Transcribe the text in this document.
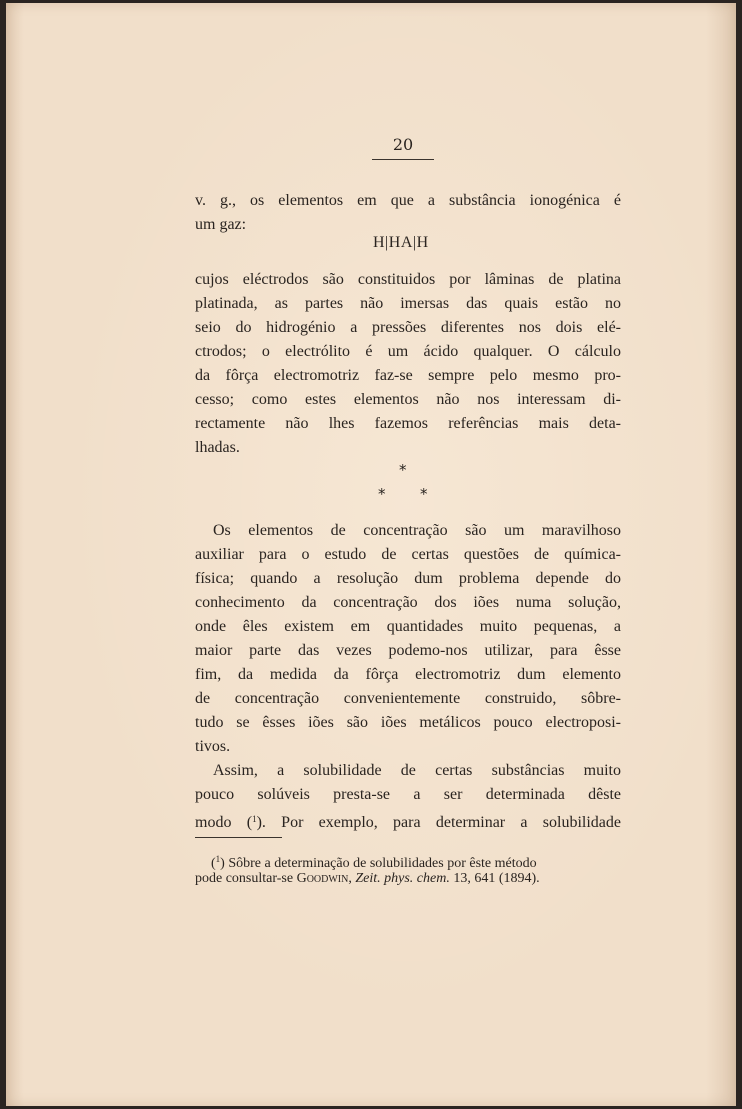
20
v. g., os elementos em que a substância ionogénica é
um gaz:
H|HA|H
cujos eléctrodos são constituidos por lâminas de platina
platinada, as partes não imersas das quais estão no
seio do hidrogénio a pressões diferentes nos dois elé-
ctrodos; o electrólito é um ácido qualquer. O cálculo
da fôrça electromotriz faz-se sempre pelo mesmo pro-
cesso; como estes elementos não nos interessam di-
rectamente não lhes fazemos referências mais deta-
lhadas.
*
* *
Os elementos de concentração são um maravilhoso
auxiliar para o estudo de certas questões de química-
física; quando a resolução dum problema depende do
conhecimento da concentração dos iões numa solução,
onde êles existem em quantidades muito pequenas, a
maior parte das vezes podemo-nos utilizar, para êsse
fim, da medida da fôrça electromotriz dum elemento
de concentração convenientemente construido, sôbre-
tudo se êsses iões são iões metálicos pouco electroposi-
tivos.
Assim, a solubilidade de certas substâncias muito
pouco solúveis presta-se a ser determinada dêste
modo ($^1$). Por exemplo, para determinar a solubilidade
($^1$) Sôbre a determinação de solubilidades por êste método
pode consultar-se Goodwin, Zeit. phys. chem. 13, 641 (1894).
